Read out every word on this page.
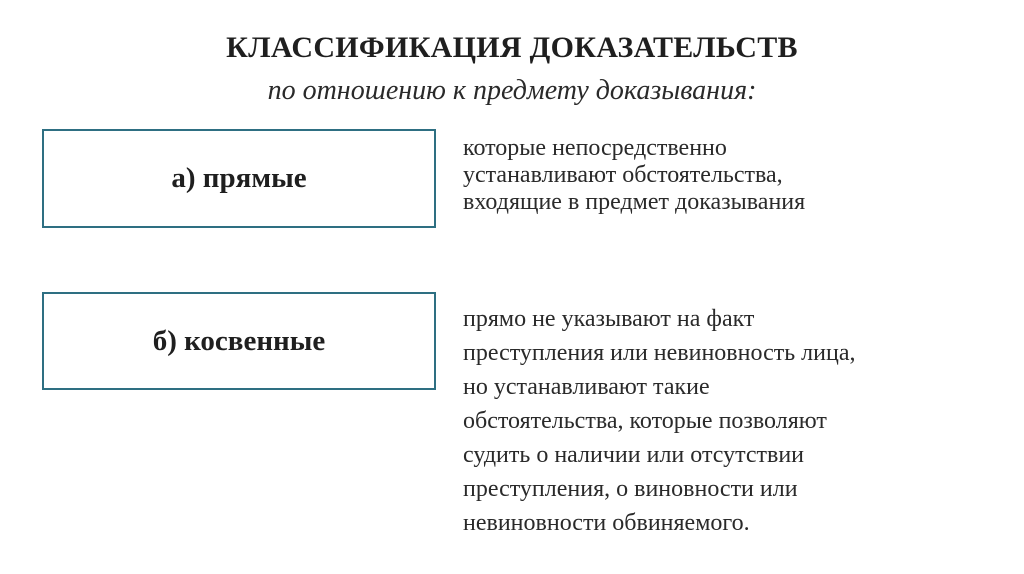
КЛАССИФИКАЦИЯ ДОКАЗАТЕЛЬСТВ
по отношению к предмету доказывания:
а) прямые
которые непосредственно
устанавливают обстоятельства,
входящие в предмет доказывания
б) косвенные
прямо не указывают на факт
преступления или невиновность лица,
но устанавливают такие
обстоятельства, которые позволяют
судить о наличии или отсутствии
преступления, о виновности или
невиновности обвиняемого.
